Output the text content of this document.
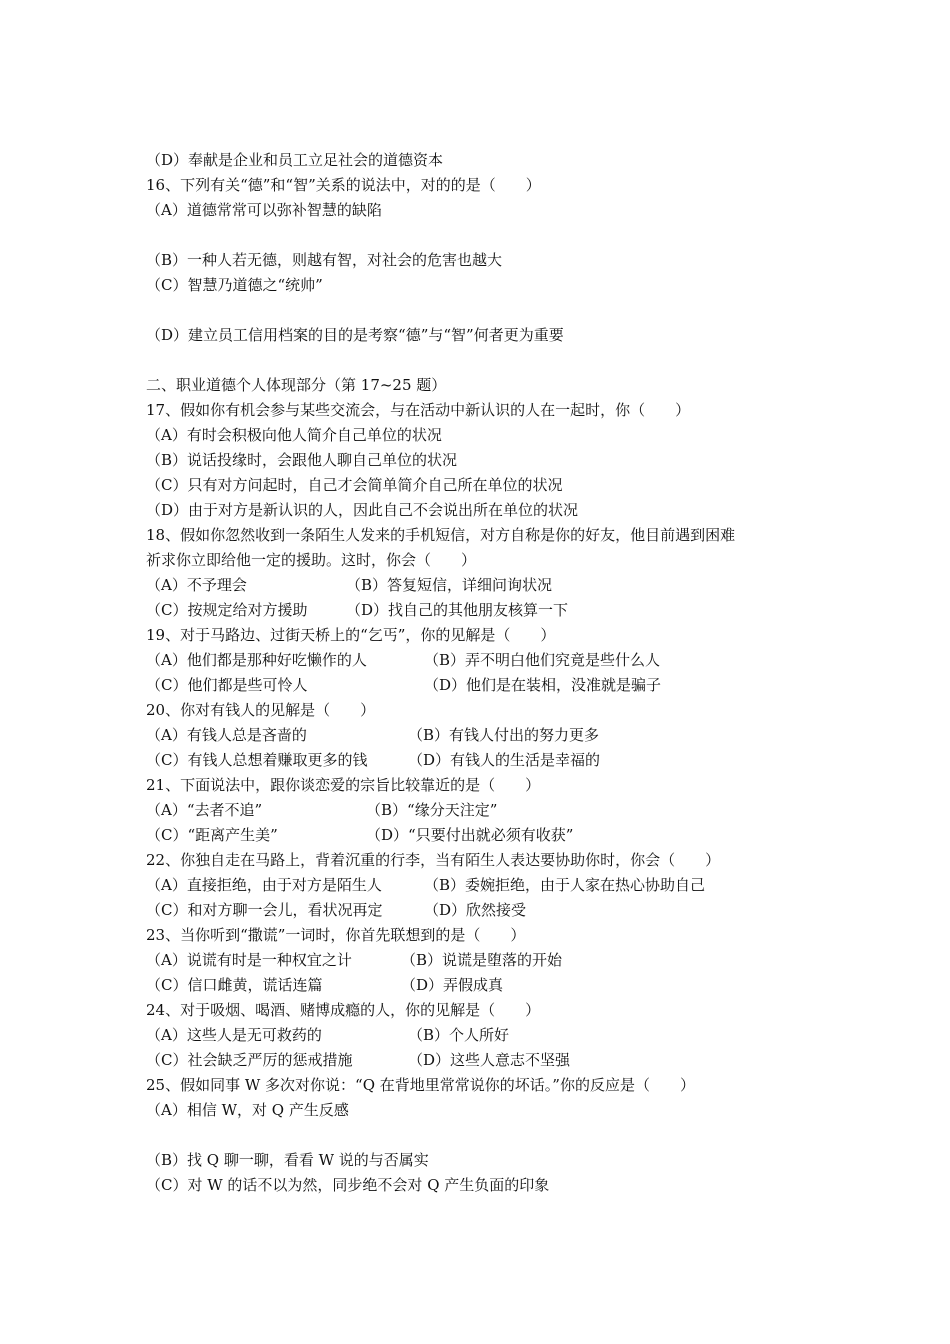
（D）奉献是企业和员工立足社会的道德资本
16、下列有关“德”和“智”关系的说法中，对的的是（　　）
（A）道德常常可以弥补智慧的缺陷
（B）一种人若无德，则越有智，对社会的危害也越大
（C）智慧乃道德之“统帅”
（D）建立员工信用档案的目的是考察“德”与“智”何者更为重要
二、职业道德个人体现部分（第 17~25 题）
17、假如你有机会参与某些交流会，与在活动中新认识的人在一起时，你（　　）
（A）有时会积极向他人简介自己单位的状况
（B）说话投缘时，会跟他人聊自己单位的状况
（C）只有对方问起时，自己才会简单简介自己所在单位的状况
（D）由于对方是新认识的人，因此自己不会说出所在单位的状况
18、假如你忽然收到一条陌生人发来的手机短信，对方自称是你的好友，他目前遇到困难
祈求你立即给他一定的援助。这时，你会（　　）
（A）不予理会	（B）答复短信，详细问询状况
（C）按规定给对方援助	（D）找自己的其他朋友核算一下
19、对于马路边、过街天桥上的“乞丐”，你的见解是（　　）
（A）他们都是那种好吃懒作的人	（B）弄不明白他们究竟是些什么人
（C）他们都是些可怜人	（D）他们是在装相，没准就是骗子
20、你对有钱人的见解是（　　）
（A）有钱人总是吝啬的	（B）有钱人付出的努力更多
（C）有钱人总想着赚取更多的钱	（D）有钱人的生活是幸福的
21、下面说法中，跟你谈恋爱的宗旨比较靠近的是（　　）
（A）“去者不追”	（B）“缘分天注定”
（C）“距离产生美”	（D）“只要付出就必须有收获”
22、你独自走在马路上，背着沉重的行李，当有陌生人表达要协助你时，你会（　　）
（A）直接拒绝，由于对方是陌生人	（B）委婉拒绝，由于人家在热心协助自己
（C）和对方聊一会儿，看状况再定	（D）欣然接受
23、当你听到“撒谎”一词时，你首先联想到的是（　　）
（A）说谎有时是一种权宜之计	（B）说谎是堕落的开始
（C）信口雌黄，谎话连篇	（D）弄假成真
24、对于吸烟、喝酒、赌博成瘾的人，你的见解是（　　）
（A）这些人是无可救药的	（B）个人所好
（C）社会缺乏严厉的惩戒措施	（D）这些人意志不坚强
25、假如同事 W 多次对你说：“Q 在背地里常常说你的坏话。”你的反应是（　　）
（A）相信 W，对 Q 产生反感
（B）找 Q 聊一聊，看看 W 说的与否属实
（C）对 W 的话不以为然，同步绝不会对 Q 产生负面的印象
